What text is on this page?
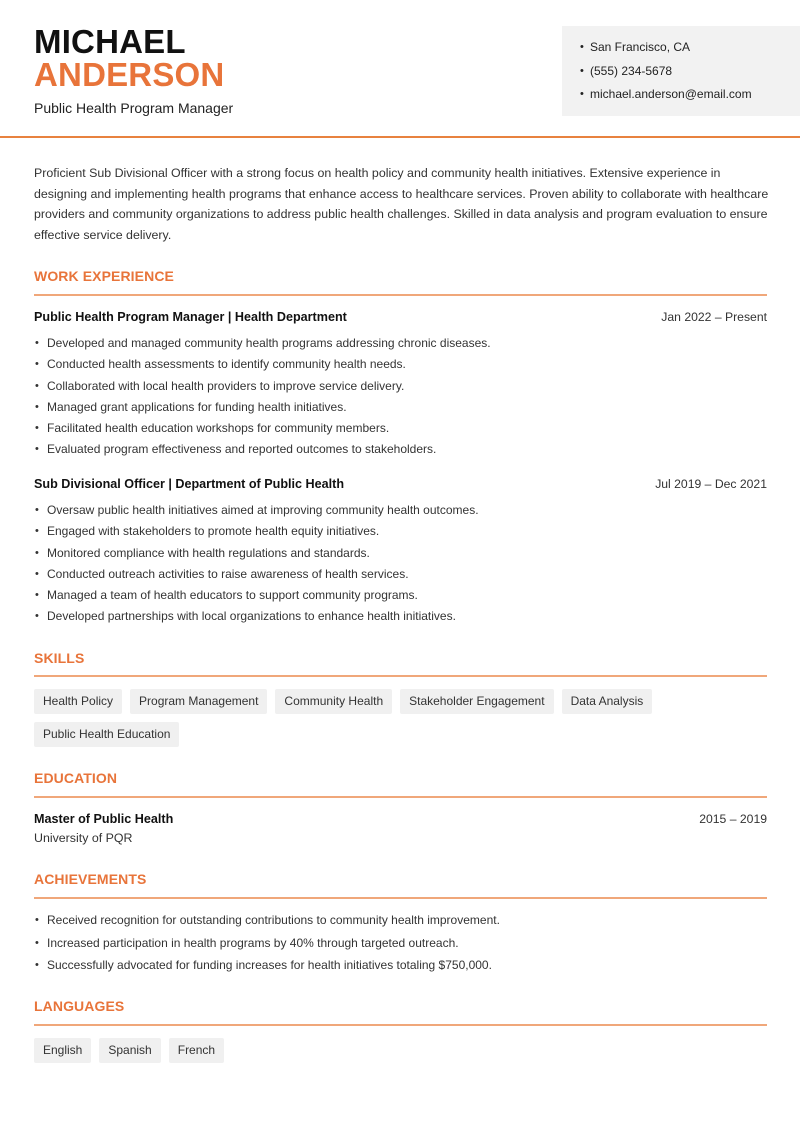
MICHAEL
ANDERSON
Public Health Program Manager
• San Francisco, CA
• (555) 234-5678
• michael.anderson@email.com

Proficient Sub Divisional Officer with a strong focus on health policy and community health initiatives. Extensive experience in designing and implementing health programs that enhance access to healthcare services. Proven ability to collaborate with healthcare providers and community organizations to address public health challenges. Skilled in data analysis and program evaluation to ensure effective service delivery.

WORK EXPERIENCE
Public Health Program Manager | Health Department	Jan 2022 – Present
• Developed and managed community health programs addressing chronic diseases.
• Conducted health assessments to identify community health needs.
• Collaborated with local health providers to improve service delivery.
• Managed grant applications for funding health initiatives.
• Facilitated health education workshops for community members.
• Evaluated program effectiveness and reported outcomes to stakeholders.
Sub Divisional Officer | Department of Public Health	Jul 2019 – Dec 2021
• Oversaw public health initiatives aimed at improving community health outcomes.
• Engaged with stakeholders to promote health equity initiatives.
• Monitored compliance with health regulations and standards.
• Conducted outreach activities to raise awareness of health services.
• Managed a team of health educators to support community programs.
• Developed partnerships with local organizations to enhance health initiatives.
SKILLS
Health Policy	Program Management	Community Health	Stakeholder Engagement	Data Analysis
Public Health Education
EDUCATION
Master of Public Health
University of PQR
2015 – 2019
ACHIEVEMENTS
• Received recognition for outstanding contributions to community health improvement.
• Increased participation in health programs by 40% through targeted outreach.
• Successfully advocated for funding increases for health initiatives totaling $750,000.
LANGUAGES
English	Spanish	French
